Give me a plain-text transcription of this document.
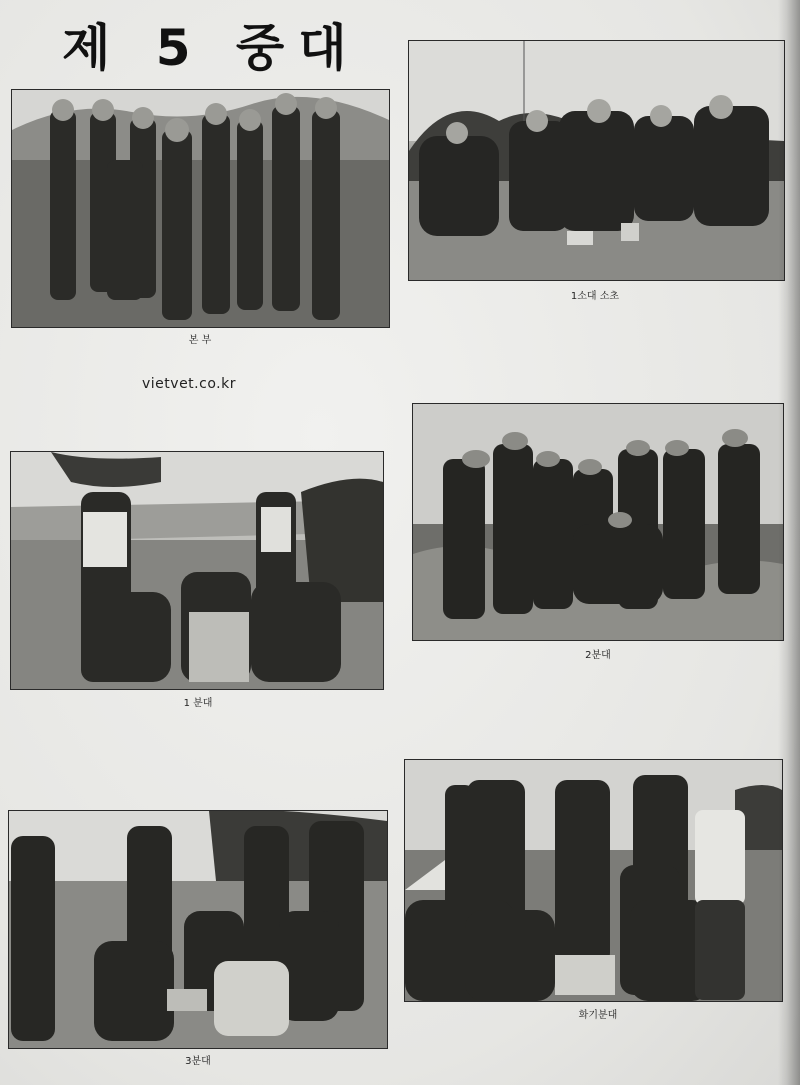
제 5 중대
본 부
1소대 소초
vietvet.co.kr
1 분대
2분대
3분대
화기분대
